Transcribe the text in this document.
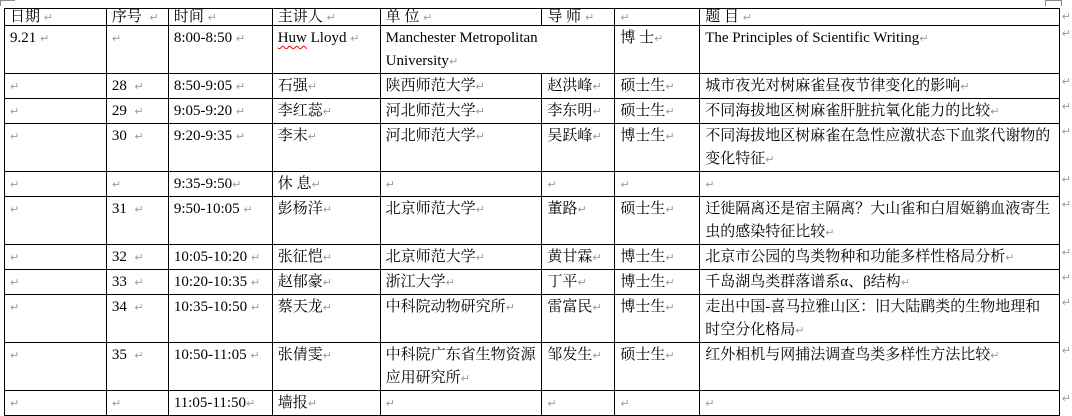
日期 ↵	序号  ↵	时间 ↵	主讲人 ↵	单 位 ↵	导 师 ↵	↵	题 目 ↵	↵
9.21 ↵	↵	8:00-8:50 ↵	Huw Lloyd ↵	Manchester Metropolitan University↵		博 士↵	The Principles of Scientific Writing↵	↵
↵	28  ↵	8:50-9:05 ↵	石强↵	陕西师范大学↵	赵洪峰↵	硕士生↵	城市夜光对树麻雀昼夜节律变化的影响↵	↵
↵	29  ↵	9:05-9:20 ↵	李红蕊↵	河北师范大学↵	李东明↵	硕士生↵	不同海拔地区树麻雀肝脏抗氧化能力的比较↵	↵
↵	30  ↵	9:20-9:35 ↵	李末↵	河北师范大学↵	吴跃峰↵	博士生↵	不同海拔地区树麻雀在急性应激状态下血浆代谢物的变化特征↵	↵
↵	↵	9:35-9:50↵	休 息↵	↵	↵	↵	↵	↵
↵	31  ↵	9:50-10:05 ↵	彭杨洋↵	北京师范大学↵	董路↵	硕士生↵	迁徙隔离还是宿主隔离？大山雀和白眉姬鹟血液寄生虫的感染特征比较↵	↵
↵	32  ↵	10:05-10:20 ↵	张征恺↵	北京师范大学↵	黄甘霖↵	博士生↵	北京市公园的鸟类物种和功能多样性格局分析↵	↵
↵	33  ↵	10:20-10:35 ↵	赵郁豪↵	浙江大学↵	丁平↵	博士生↵	千岛湖鸟类群落谱系α、β结构↵	↵
↵	34  ↵	10:35-10:50 ↵	蔡天龙↵	中科院动物研究所↵	雷富民↵	博士生↵	走出中国-喜马拉雅山区：旧大陆鹛类的生物地理和时空分化格局↵	↵
↵	35  ↵	10:50-11:05 ↵	张倩雯↵	中科院广东省生物资源应用研究所↵	邹发生↵	硕士生↵	红外相机与网捕法调查鸟类多样性方法比较↵	↵
↵	↵	11:05-11:50↵	墙报↵	↵	↵	↵	↵	↵
